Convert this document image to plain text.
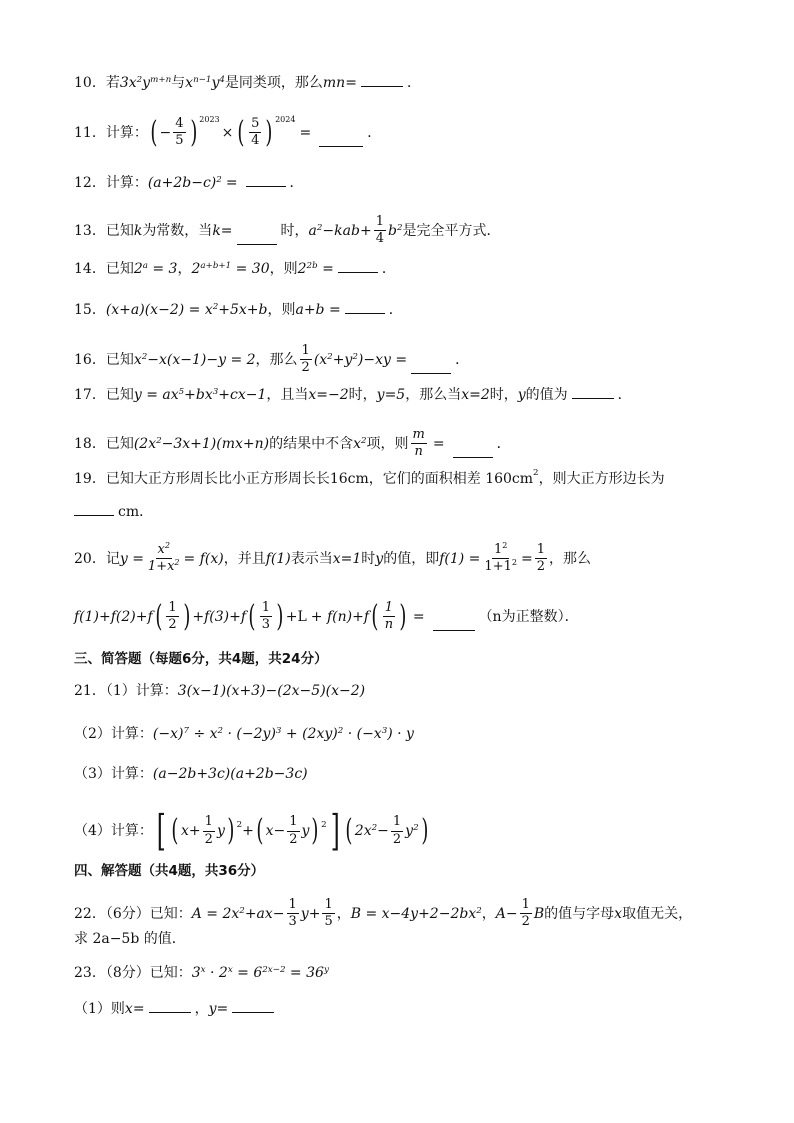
10．若 $3x^2y^{m+n}$ 与 $x^{n-1}y^4$ 是同类项，那么 mn=	．
11．计算： ( − $\frac{4}{5}$ ) $^{2023}$
× ( $\frac{5}{4}$ ) $^{2024}$
=	．
12．计算： $(a+2b-c)^2$ =	．
13．已知 k 为常数，当 k =	时， $a^2-kab+ \frac{1}{4} b^2$ 是完全平方式．
14．已知 $2^a = 3$ ， $2^{a+b+1} = 30$ ，则 $2^{2b}$ =	．
15． $(x+a)(x-2) = x^2+5x+b$ ，则 a+b =	．
16．已知 $x^2-x(x-1)-y = 2$ ，那么 $\frac{1}{2} (x^2+y^2)-xy$ =	．
17．已知 $y = ax^5+bx^3+cx-1$ ，且当 x=−2 时， y=5 ，那么当 x=2 时， y 的值为	．
18．已知 $(2x^2-3x+1)(mx+n)$ 的结果中不含 $x^2$ 项，则 $\frac{m}{n}$ =	．
19．已知大正方形周长比小正方形周长长16cm，它们的面积相差 $160cm^2$ ，则大正方形边长为
cm．
20．记 $y = \frac{x^2}{1+x^2} = f(x)$ ，并且 f(1) 表示当 x=1 时 y 的值，即 $f(1) = \frac{1^2}{1+1^2} = \frac{1}{2}$ ，那么
f(1)+f(2)+f ( $\frac{1}{2}$ ) +f(3)+f ( $\frac{1}{3}$ ) + L + f(n)+f ( $\frac{1}{n}$ ) =	（n为正整数）．
三、简答题（每题6分，共4题，共24分）
21．（1）计算： 3(x−1)(x+3)−(2x−5)(x−2)
（2）计算： $(-x)^7 \div x^2 \cdot (-2y)^3 + (2xy)^2 \cdot (-x^3) \cdot y$
（3）计算： (a−2b+3c)(a+2b−3c)
（4）计算： [ ( $x+ \frac{1}{2}$ y ) $^2$ + ( $x- \frac{1}{2}$ y ) $^2$ ] ( $2x^2- \frac{1}{2} y^2$ )
四、解答题（共4题，共36分）
22．（6分）已知： $A = 2x^2+ax- \frac{1}{3} y+ \frac{1}{5}$ ， $B = x-4y+2-2bx^2$ ， $A- \frac{1}{2}$ B 的值与字母 x 取值无关，
求 2a−5b 的值．
23．（8分）已知： $3^x \cdot 2^x = 6^{2x-2} = 36^y$
（1）则 x=	， y=
